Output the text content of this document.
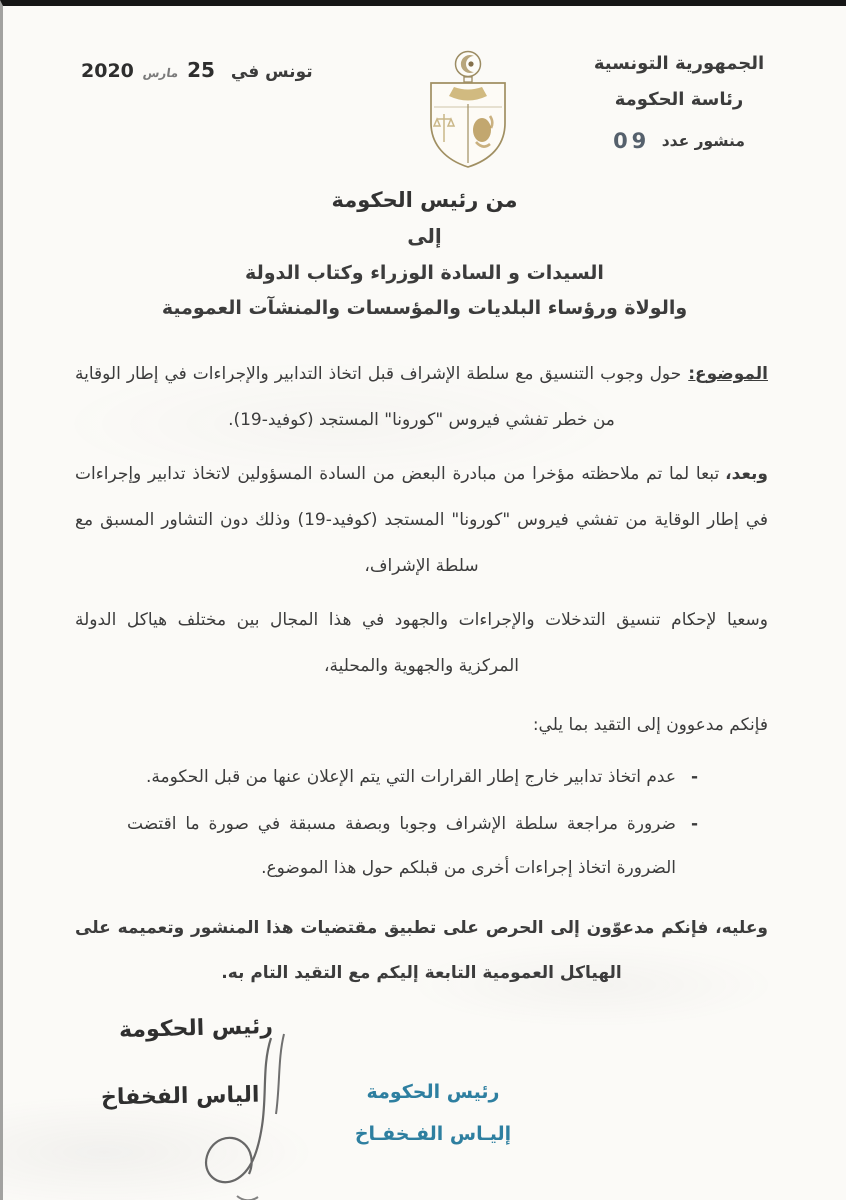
الجمهورية التونسية
رئاسة الحكومة
منشور عدد 09
تونس في 25 مارس 2020
من رئيس الحكومة
إلى
السيدات و السادة الوزراء وكتاب الدولة
والولاة ورؤساء البلديات والمؤسسات والمنشآت العمومية

الموضوع:حول وجوب التنسيق مع سلطة الإشراف قبل اتخاذ التدابير والإجراءات في إطار الوقاية من خطر تفشي فيروس "كورونا" المستجد (كوفيد-19).

وبعد،تبعا لما تم ملاحظته مؤخرا من مبادرة البعض من السادة المسؤولين لاتخاذ تدابير وإجراءات في إطار الوقاية من تفشي فيروس "كورونا" المستجد (كوفيد-19) وذلك دون التشاور المسبق مع سلطة الإشراف،

وسعيا لإحكام تنسيق التدخلات والإجراءات والجهود في هذا المجال بين مختلف هياكل الدولة المركزية والجهوية والمحلية،

فإنكم مدعوون إلى التقيد بما يلي:

-
عدم اتخاذ تدابير خارج إطار القرارات التي يتم الإعلان عنها من قبل الحكومة.
-
ضرورة مراجعة سلطة الإشراف وجوبا وبصفة مسبقة في صورة ما اقتضت الضرورة اتخاذ إجراءات أخرى من قبلكم حول هذا الموضوع.

وعليه، فإنكم مدعوّون إلى الحرص على تطبيق مقتضيات هذا المنشور وتعميمه على الهياكل العمومية التابعة إليكم مع التقيد التام به.

رئيس الحكومة
الياس الفخفاخ	رئيس الحكومة
إليـاس الفـخفـاخ
